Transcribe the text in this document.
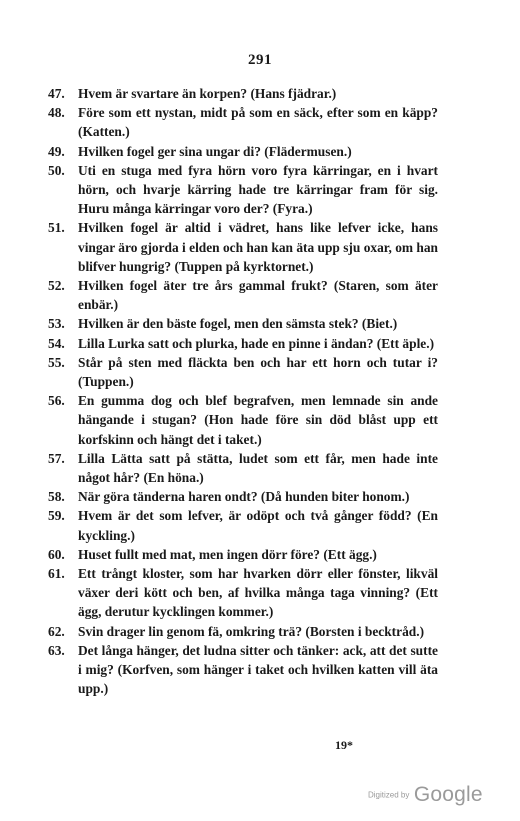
291
47. Hvem är svartare än korpen? (Hans fjädrar.)
48. Före som ett nystan, midt på som en säck, efter som en käpp? (Katten.)
49. Hvilken fogel ger sina ungar di? (Flädermusen.)
50. Uti en stuga med fyra hörn voro fyra kärringar, en i hvart hörn, och hvarje kärring hade tre kärringar fram för sig. Huru många kärringar voro der? (Fyra.)
51. Hvilken fogel är altid i vädret, hans like lefver icke, hans vingar äro gjorda i elden och han kan äta upp sju oxar, om han blifver hungrig? (Tuppen på kyrktornet.)
52. Hvilken fogel äter tre års gammal frukt? (Staren, som äter enbär.)
53. Hvilken är den bäste fogel, men den sämsta stek? (Biet.)
54. Lilla Lurka satt och plurka, hade en pinne i ändan? (Ett äple.)
55. Står på sten med fläckta ben och har ett horn och tutar i? (Tuppen.)
56. En gumma dog och blef begrafven, men lemnade sin ande hängande i stugan? (Hon hade före sin död blåst upp ett korfskinn och hängt det i taket.)
57. Lilla Lätta satt på stätta, ludet som ett får, men hade inte något hår? (En höna.)
58. När göra tänderna haren ondt? (Då hunden biter honom.)
59. Hvem är det som lefver, är odöpt och två gånger född? (En kyckling.)
60. Huset fullt med mat, men ingen dörr före? (Ett ägg.)
61. Ett trångt kloster, som har hvarken dörr eller fönster, likväl växer deri kött och ben, af hvilka många taga vinning? (Ett ägg, derutur kycklingen kommer.)
62. Svin drager lin genom fä, omkring trä? (Borsten i becktråd.)
63. Det långa hänger, det ludna sitter och tänker: ack, att det sutte i mig? (Korfven, som hänger i taket och hvilken katten vill äta upp.)
19*
Digitized by Google
